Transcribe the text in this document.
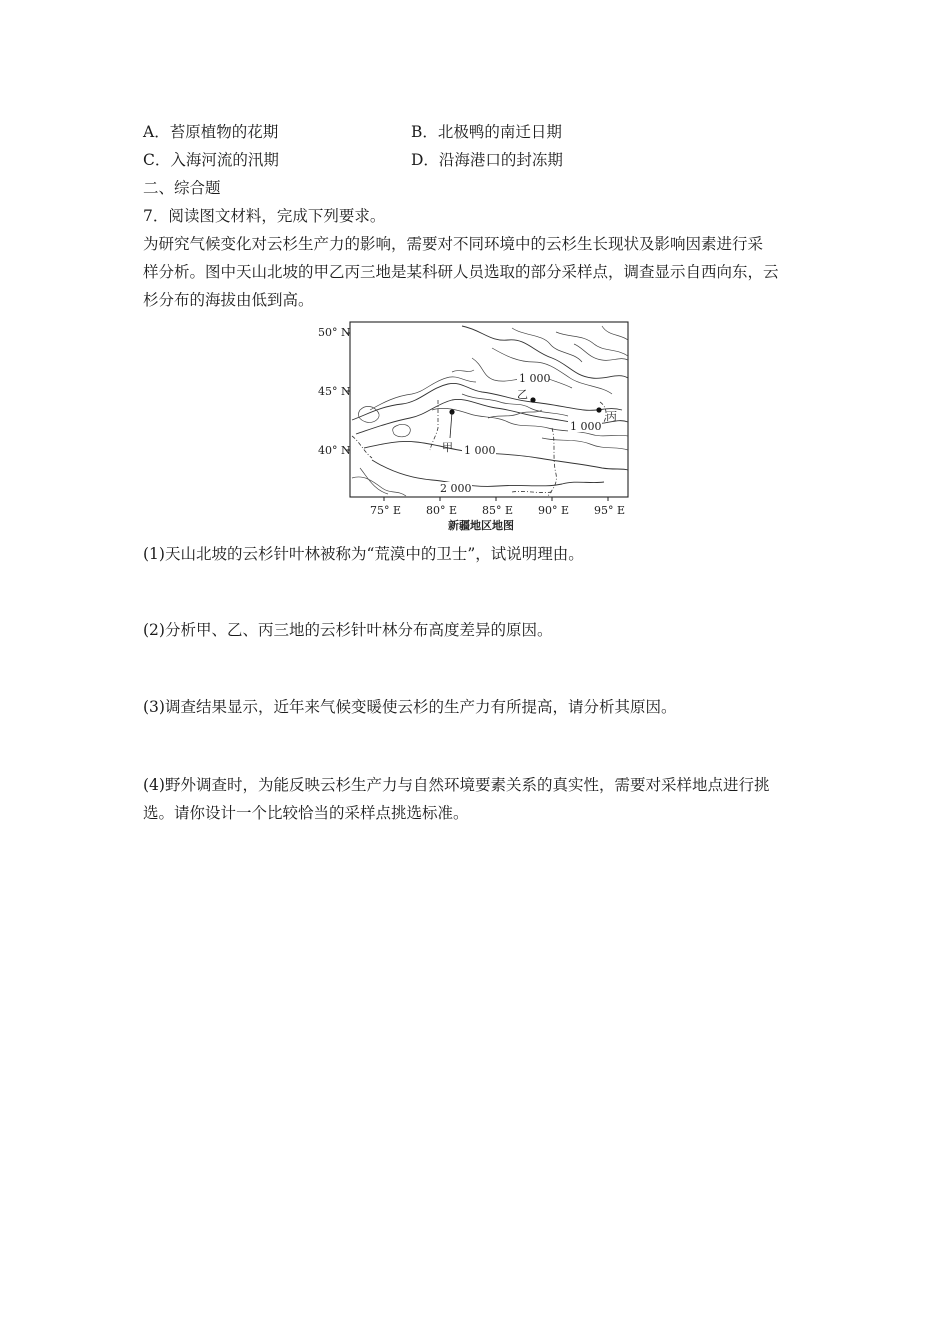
A．苔原植物的花期	B．北极鸭的南迁日期
C．入海河流的汛期	D．沿海港口的封冻期
二、综合题
7．阅读图文材料，完成下列要求。
为研究气候变化对云杉生产力的影响，需要对不同环境中的云杉生长现状及影响因素进行采
样分析。图中天山北坡的甲乙丙三地是某科研人员选取的部分采样点，调查显示自西向东，云
杉分布的海拔由低到高。
50° N
45° N
40° N
75° E 80° E 85° E 90° E 95° E
甲
乙
丙
1 000
1 000
1 000
2 000
新疆地区地图
(1)天山北坡的云杉针叶林被称为“荒漠中的卫士”，试说明理由。
(2)分析甲、乙、丙三地的云杉针叶林分布高度差异的原因。
(3)调查结果显示，近年来气候变暖使云杉的生产力有所提高，请分析其原因。
(4)野外调查时，为能反映云杉生产力与自然环境要素关系的真实性，需要对采样地点进行挑
选。请你设计一个比较恰当的采样点挑选标准。
